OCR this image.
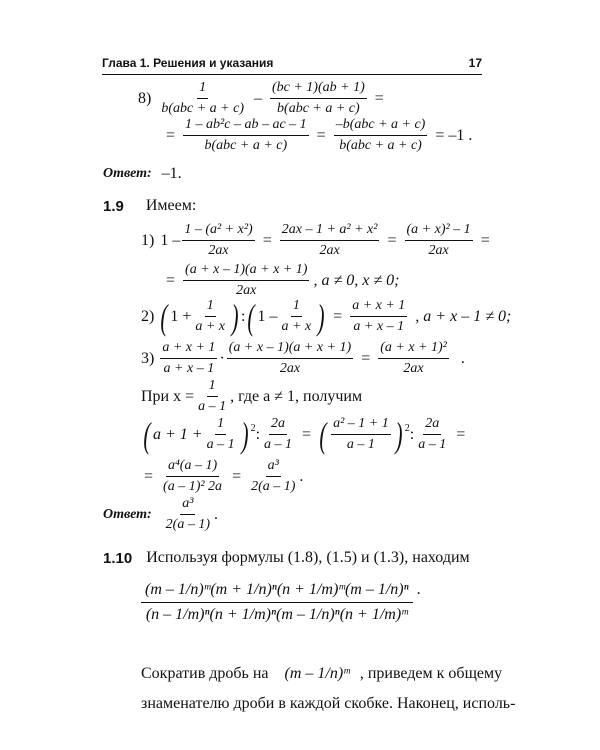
Глава 1. Решения и указания	17
$8) \frac{1}{\text{b(abc + a + c)}} - \frac{(bc + 1)(ab + 1)}{\text{b(abc + a + c)}}$ =
= $\frac{\text{1 – ab²c – ab – ac – 1}}{\text{b(abc + a + c)}} = \frac{\text{–b(abc + a + c)}}{\text{b(abc + a + c)}} = -1$ .
Ответ: –1.
1.9 Имеем:
1) $1 - \frac{\text{1 – (a² + x²)}}{2ax} = \frac{\text{2ax – 1 + a² + x²}}{2ax} = \frac{\text{(a + x)² – 1}}{2ax}$ =
= $\frac{(a + x - 1)(a + x + 1)}{2ax}$ , a ≠ 0, x ≠ 0;
2) ( $1 + \frac{1}{a + x}$ ) : ( $1 - \frac{1}{a + x}$ ) = $\frac{a + x + 1}{a + x - 1}$ , a + x – 1 ≠ 0;
$3) \frac{a + x + 1}{a + x - 1} \cdot \frac{(a + x - 1)(a + x + 1)}{2ax} = \frac{\text{(a + x + 1)²}}{2ax}$ .
При $x = \frac{1}{a - 1}$ , где a ≠ 1, получим
( $a + 1 + \frac{1}{a - 1}$ ) 2 : $\frac{2a}{a - 1}$ = ( $\frac{\text{a² – 1 + 1}}{a - 1}$ ) 2 : $\frac{2a}{a - 1}$ =
= $\frac{\text{a⁴(a – 1)}}{\text{(a – 1)² 2a}} = \frac{\text{a³}}{2(a - 1)}$ .
Ответ: $\frac{\text{a³}}{2(a - 1)}$ .
1.10 Используя формулы (1.8), (1.5) и (1.3), находим
$\frac{\text{(m – 1/n)ᵐ(m + 1/n)ⁿ(n + 1/m)ᵐ(m – 1/n)ⁿ}}{\text{(n – 1/m)ⁿ(n + 1/m)ⁿ(m – 1/n)ⁿ(n + 1/m)ᵐ}}$ .
Сократив дробь на (m – 1/n)ᵐ , приведем к общему
знаменателю дроби в каждой скобке. Наконец, исполь-
